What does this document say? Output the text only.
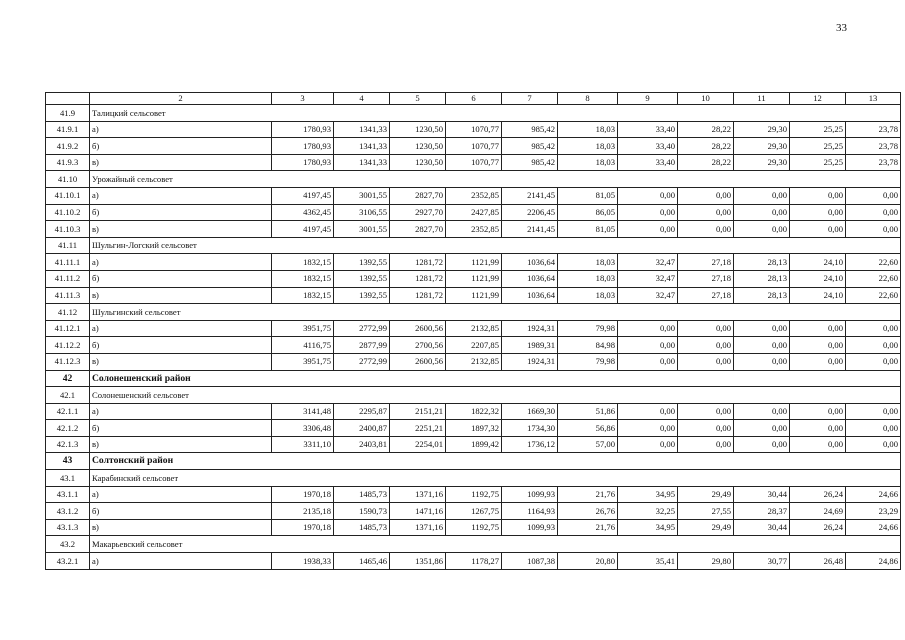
33
	2	3	4	5	6	7	8	9	10	11	12	13
41.9	Талицкий сельсовет											
41.9.1	а)	1780,93	1341,33	1230,50	1070,77	985,42	18,03	33,40	28,22	29,30	25,25	23,78
41.9.2	б)	1780,93	1341,33	1230,50	1070,77	985,42	18,03	33,40	28,22	29,30	25,25	23,78
41.9.3	в)	1780,93	1341,33	1230,50	1070,77	985,42	18,03	33,40	28,22	29,30	25,25	23,78
41.10	Урожайный сельсовет											
41.10.1	а)	4197,45	3001,55	2827,70	2352,85	2141,45	81,05	0,00	0,00	0,00	0,00	0,00
41.10.2	б)	4362,45	3106,55	2927,70	2427,85	2206,45	86,05	0,00	0,00	0,00	0,00	0,00
41.10.3	в)	4197,45	3001,55	2827,70	2352,85	2141,45	81,05	0,00	0,00	0,00	0,00	0,00
41.11	Шульгин-Логский сельсовет											
41.11.1	а)	1832,15	1392,55	1281,72	1121,99	1036,64	18,03	32,47	27,18	28,13	24,10	22,60
41.11.2	б)	1832,15	1392,55	1281,72	1121,99	1036,64	18,03	32,47	27,18	28,13	24,10	22,60
41.11.3	в)	1832,15	1392,55	1281,72	1121,99	1036,64	18,03	32,47	27,18	28,13	24,10	22,60
41.12	Шульгинский сельсовет											
41.12.1	а)	3951,75	2772,99	2600,56	2132,85	1924,31	79,98	0,00	0,00	0,00	0,00	0,00
41.12.2	б)	4116,75	2877,99	2700,56	2207,85	1989,31	84,98	0,00	0,00	0,00	0,00	0,00
41.12.3	в)	3951,75	2772,99	2600,56	2132,85	1924,31	79,98	0,00	0,00	0,00	0,00	0,00
42	Солонешенский район											
42.1	Солонешенский сельсовет											
42.1.1	а)	3141,48	2295,87	2151,21	1822,32	1669,30	51,86	0,00	0,00	0,00	0,00	0,00
42.1.2	б)	3306,48	2400,87	2251,21	1897,32	1734,30	56,86	0,00	0,00	0,00	0,00	0,00
42.1.3	в)	3311,10	2403,81	2254,01	1899,42	1736,12	57,00	0,00	0,00	0,00	0,00	0,00
43	Солтонский район											
43.1	Карабинский сельсовет											
43.1.1	а)	1970,18	1485,73	1371,16	1192,75	1099,93	21,76	34,95	29,49	30,44	26,24	24,66
43.1.2	б)	2135,18	1590,73	1471,16	1267,75	1164,93	26,76	32,25	27,55	28,37	24,69	23,29
43.1.3	в)	1970,18	1485,73	1371,16	1192,75	1099,93	21,76	34,95	29,49	30,44	26,24	24,66
43.2	Макарьевский сельсовет											
43.2.1	а)	1938,33	1465,46	1351,86	1178,27	1087,38	20,80	35,41	29,80	30,77	26,48	24,86
